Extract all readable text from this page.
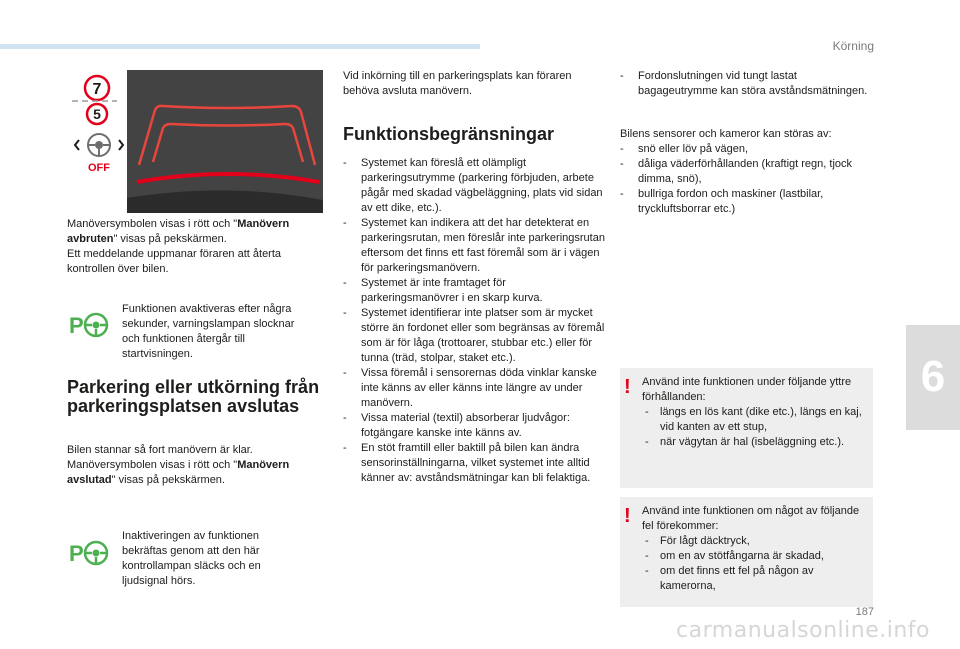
Körning
6
7
5
OFF

Manöversymbolen visas i rött och "Manövern avbruten" visas på pekskärmen.
Ett meddelande uppmanar föraren att återta kontrollen över bilen.

P

Funktionen avaktiveras efter några sekunder, varningslampan slocknar och funktionen återgår till startvisningen.

Parkering eller utkörning från parkeringsplatsen avslutas

Bilen stannar så fort manövern är klar.
Manöversymbolen visas i rött och "Manövern avslutad" visas på pekskärmen.

P

Inaktiveringen av funktionen bekräftas genom att den här kontrollampan släcks och en ljudsignal hörs.

Vid inkörning till en parkeringsplats kan föraren behöva avsluta manövern.

Funktionsbegränsningar
- Systemet kan föreslå ett olämpligt parkeringsutrymme (parkering förbjuden, arbete pågår med skadad vägbeläggning, plats vid sidan av ett dike, etc.).
- Systemet kan indikera att det har detekterat en parkeringsrutan, men föreslår inte parkeringsrutan eftersom det finns ett fast föremål som är i vägen för parkeringsmanövern.
- Systemet är inte framtaget för parkeringsmanövrer i en skarp kurva.
- Systemet identifierar inte platser som är mycket större än fordonet eller som begränsas av föremål som är för låga (trottoarer, stubbar etc.) eller för tunna (träd, stolpar, staket etc.).
- Vissa föremål i sensorernas döda vinklar kanske inte känns av eller känns inte längre av under manövern.
- Vissa material (textil) absorberar ljudvågor: fotgängare kanske inte känns av.
- En stöt framtill eller baktill på bilen kan ändra sensorinställningarna, vilket systemet inte alltid känner av: avståndsmätningar kan bli felaktiga.
- Fordonslutningen vid tungt lastat bagageutrymme kan störa avståndsmätningen.

Bilens sensorer och kameror kan störas av:

- snö eller löv på vägen,
- dåliga väderförhållanden (kraftigt regn, tjock dimma, snö),
- bullriga fordon och maskiner (lastbilar, tryckluftsborrar etc.)
! Använd inte funktionen under följande yttre förhållanden:
- längs en lös kant (dike etc.), längs en kaj, vid kanten av ett stup,
- när vägytan är hal (isbeläggning etc.).
! Använd inte funktionen om något av följande fel förekommer:
- För lågt däcktryck,
- om en av stötfångarna är skadad,
- om det finns ett fel på någon av kamerorna,
187
carmanualsonline.info
